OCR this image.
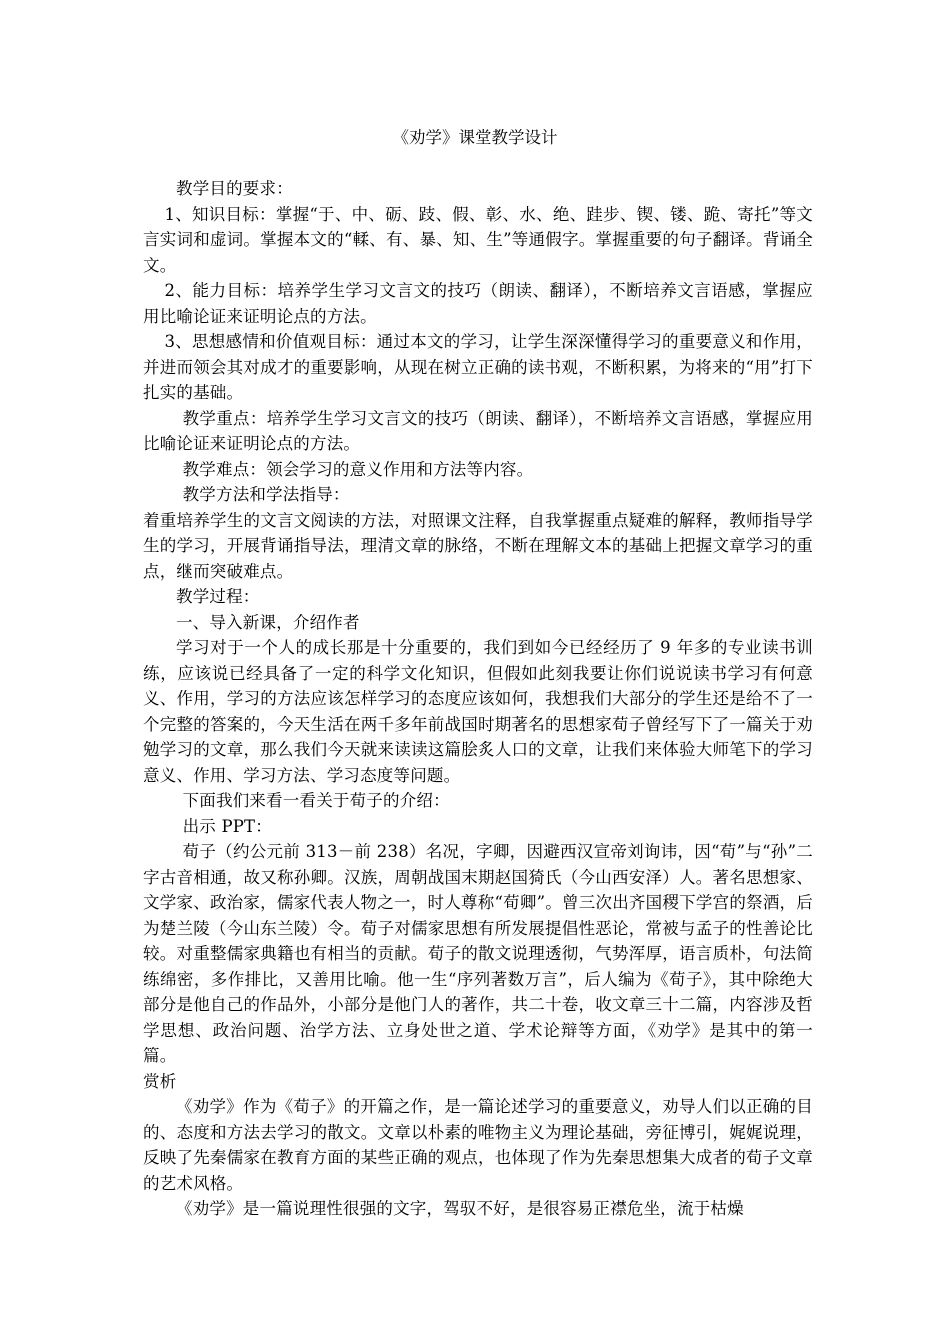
《劝学》课堂教学设计

教学目的要求：

1、知识目标：掌握“于、中、砺、跂、假、彰、水、绝、跬步、锲、镂、跪、寄托”等文言实词和虚词。掌握本文的“輮、有、暴、知、生”等通假字。掌握重要的句子翻译。背诵全文。

2、能力目标：培养学生学习文言文的技巧（朗读、翻译），不断培养文言语感，掌握应用比喻论证来证明论点的方法。

3、思想感情和价值观目标：通过本文的学习，让学生深深懂得学习的重要意义和作用，并进而领会其对成才的重要影响，从现在树立正确的读书观，不断积累，为将来的“用”打下扎实的基础。

教学重点：培养学生学习文言文的技巧（朗读、翻译），不断培养文言语感，掌握应用比喻论证来证明论点的方法。

教学难点：领会学习的意义作用和方法等内容。

教学方法和学法指导：

着重培养学生的文言文阅读的方法，对照课文注释，自我掌握重点疑难的解释，教师指导学生的学习，开展背诵指导法，理清文章的脉络，不断在理解文本的基础上把握文章学习的重点，继而突破难点。

教学过程：

一、导入新课，介绍作者

学习对于一个人的成长那是十分重要的，我们到如今已经经历了 9 年多的专业读书训练，应该说已经具备了一定的科学文化知识，但假如此刻我要让你们说说读书学习有何意义、作用，学习的方法应该怎样学习的态度应该如何，我想我们大部分的学生还是给不了一个完整的答案的，今天生活在两千多年前战国时期著名的思想家荀子曾经写下了一篇关于劝勉学习的文章，那么我们今天就来读读这篇脍炙人口的文章，让我们来体验大师笔下的学习意义、作用、学习方法、学习态度等问题。

下面我们来看一看关于荀子的介绍：

出示 PPT：

荀子（约公元前 313－前 238）名况，字卿，因避西汉宣帝刘询讳，因“荀”与“孙”二字古音相通，故又称孙卿。汉族，周朝战国末期赵国猗氏（今山西安泽）人。著名思想家、文学家、政治家，儒家代表人物之一，时人尊称“荀卿”。曾三次出齐国稷下学宫的祭酒，后为楚兰陵（今山东兰陵）令。荀子对儒家思想有所发展提倡性恶论，常被与孟子的性善论比较。对重整儒家典籍也有相当的贡献。荀子的散文说理透彻，气势浑厚，语言质朴，句法简练绵密，多作排比，又善用比喻。他一生“序列著数万言”，后人编为《荀子》，其中除绝大部分是他自己的作品外，小部分是他门人的著作，共二十卷，收文章三十二篇，内容涉及哲学思想、政治问题、治学方法、立身处世之道、学术论辩等方面，《劝学》是其中的第一篇。

赏析

《劝学》作为《荀子》的开篇之作，是一篇论述学习的重要意义，劝导人们以正确的目的、态度和方法去学习的散文。文章以朴素的唯物主义为理论基础，旁征博引，娓娓说理，反映了先秦儒家在教育方面的某些正确的观点，也体现了作为先秦思想集大成者的荀子文章的艺术风格。

《劝学》是一篇说理性很强的文字，驾驭不好，是很容易正襟危坐，流于枯燥
